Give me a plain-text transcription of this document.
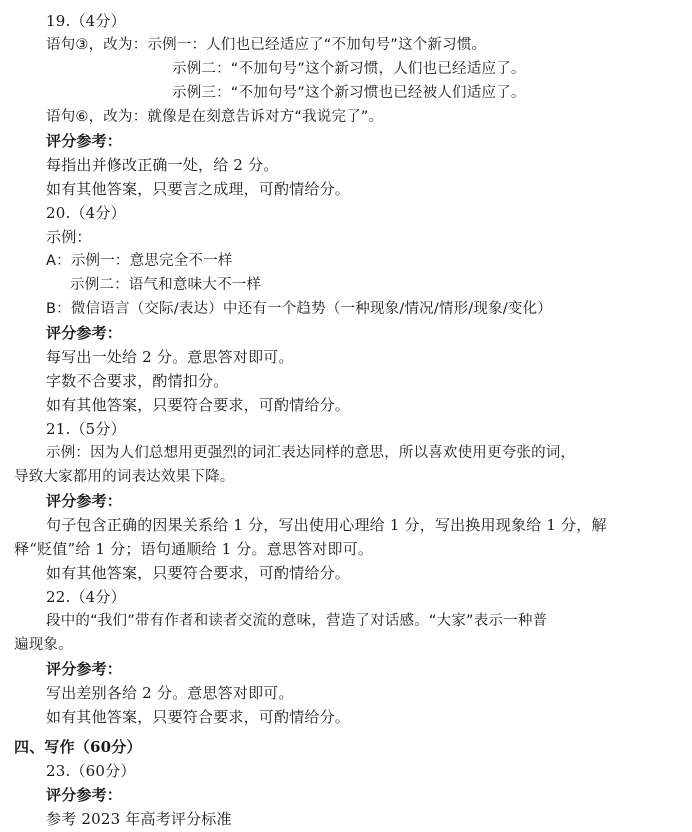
19.（4分）
语句③，改为：示例一：人们也已经适应了“不加句号”这个新习惯。
示例二：“不加句号”这个新习惯，人们也已经适应了。
示例三：“不加句号”这个新习惯也已经被人们适应了。
语句⑥，改为：就像是在刻意告诉对方“我说完了”。
评分参考：
每指出并修改正确一处，给 2 分。
如有其他答案，只要言之成理，可酌情给分。
20.（4分）
示例：
A：示例一：意思完全不一样
示例二：语气和意味大不一样
B：微信语言（交际/表达）中还有一个趋势（一种现象/情况/情形/现象/变化）
评分参考：
每写出一处给 2 分。意思答对即可。
字数不合要求，酌情扣分。
如有其他答案，只要符合要求，可酌情给分。
21.（5分）
示例：因为人们总想用更强烈的词汇表达同样的意思，所以喜欢使用更夸张的词，
导致大家都用的词表达效果下降。
评分参考：
句子包含正确的因果关系给 1 分，写出使用心理给 1 分，写出换用现象给 1 分，解
释“贬值”给 1 分；语句通顺给 1 分。意思答对即可。
如有其他答案，只要符合要求，可酌情给分。
22.（4分）
段中的“我们”带有作者和读者交流的意味，营造了对话感。“大家”表示一种普
遍现象。
评分参考：
写出差别各给 2 分。意思答对即可。
如有其他答案，只要符合要求，可酌情给分。
四、写作（60分）
23.（60分）
评分参考：
参考 2023 年高考评分标准
